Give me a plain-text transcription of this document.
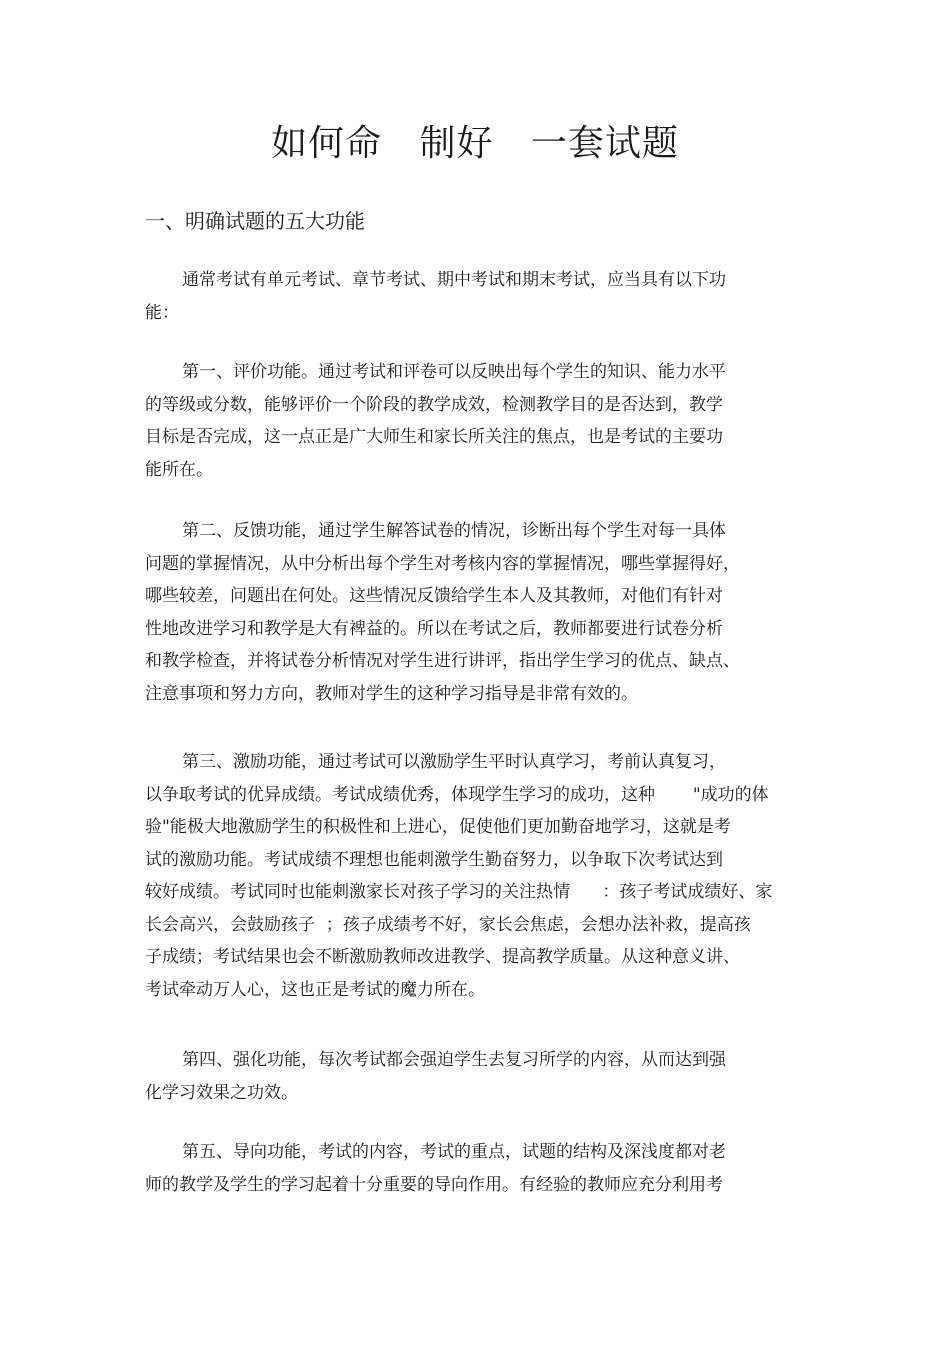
如何命   制好   一套试题
一、明确试题的五大功能
通常考试有单元考试、章节考试、期中考试和期末考试，应当具有以下功
能：
第一、评价功能。通过考试和评卷可以反映出每个学生的知识、能力水平
的等级或分数，能够评价一个阶段的教学成效，检测教学目的是否达到，教学
目标是否完成，这一点正是广大师生和家长所关注的焦点，也是考试的主要功
能所在。
第二、反馈功能，通过学生解答试卷的情况，诊断出每个学生对每一具体
问题的掌握情况，从中分析出每个学生对考核内容的掌握情况，哪些掌握得好，
哪些较差，问题出在何处。这些情况反馈给学生本人及其教师，对他们有针对
性地改进学习和教学是大有裨益的。所以在考试之后，教师都要进行试卷分析
和教学检查，并将试卷分析情况对学生进行讲评，指出学生学习的优点、缺点、
注意事项和努力方向，教师对学生的这种学习指导是非常有效的。
第三、激励功能，通过考试可以激励学生平时认真学习，考前认真复习，
以争取考试的优异成绩。考试成绩优秀，体现学生学习的成功，这种       "成功的体
验"能极大地激励学生的积极性和上进心，促使他们更加勤奋地学习，这就是考
试的激励功能。考试成绩不理想也能刺激学生勤奋努力，以争取下次考试达到
较好成绩。考试同时也能刺激家长对孩子学习的关注热情      ：孩子考试成绩好、家
长会高兴，会鼓励孩子  ；孩子成绩考不好，家长会焦虑，会想办法补救，提高孩
子成绩；考试结果也会不断激励教师改进教学、提高教学质量。从这种意义讲、
考试牵动万人心，这也正是考试的魔力所在。
第四、强化功能，每次考试都会强迫学生去复习所学的内容，从而达到强
化学习效果之功效。
第五、导向功能，考试的内容，考试的重点，试题的结构及深浅度都对老
师的教学及学生的学习起着十分重要的导向作用。有经验的教师应充分利用考
